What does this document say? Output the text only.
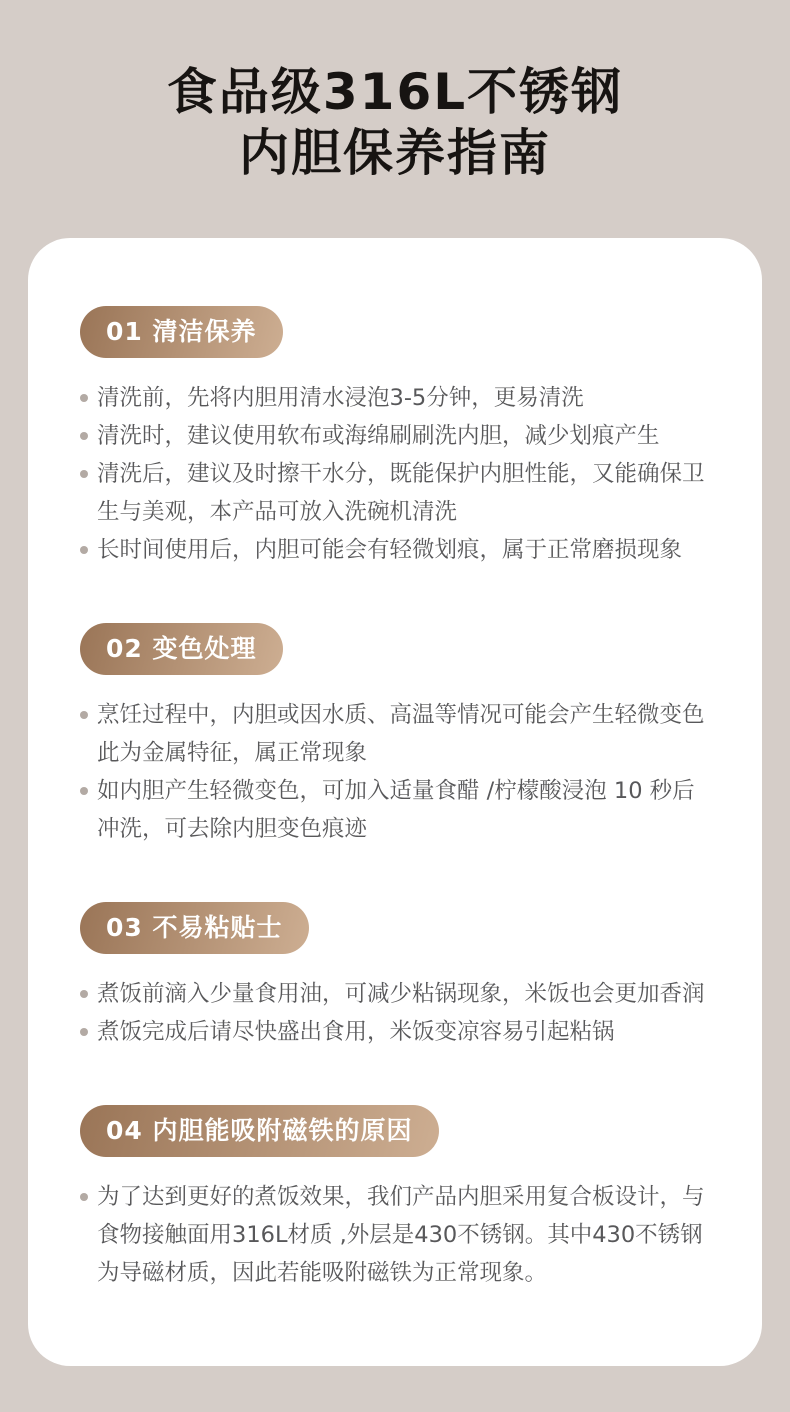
食品级316L不锈钢
内胆保养指南
01 清洁保养
清洗前，先将内胆用清水浸泡3-5分钟，更易清洗
清洗时，建议使用软布或海绵刷刷洗内胆，减少划痕产生
清洗后，建议及时擦干水分，既能保护内胆性能，又能确保卫生与美观，本产品可放入洗碗机清洗
长时间使用后，内胆可能会有轻微划痕，属于正常磨损现象
02 变色处理
烹饪过程中，内胆或因水质、高温等情况可能会产生轻微变色 此为金属特征，属正常现象
如内胆产生轻微变色，可加入适量食醋 /柠檬酸浸泡 10 秒后冲洗，可去除内胆变色痕迹
03 不易粘贴士
煮饭前滴入少量食用油，可减少粘锅现象，米饭也会更加香润
煮饭完成后请尽快盛出食用，米饭变凉容易引起粘锅
04 内胆能吸附磁铁的原因
为了达到更好的煮饭效果，我们产品内胆采用复合板设计，与食物接触面用316L材质 ,外层是430不锈钢。其中430不锈钢为导磁材质，因此若能吸附磁铁为正常现象。
